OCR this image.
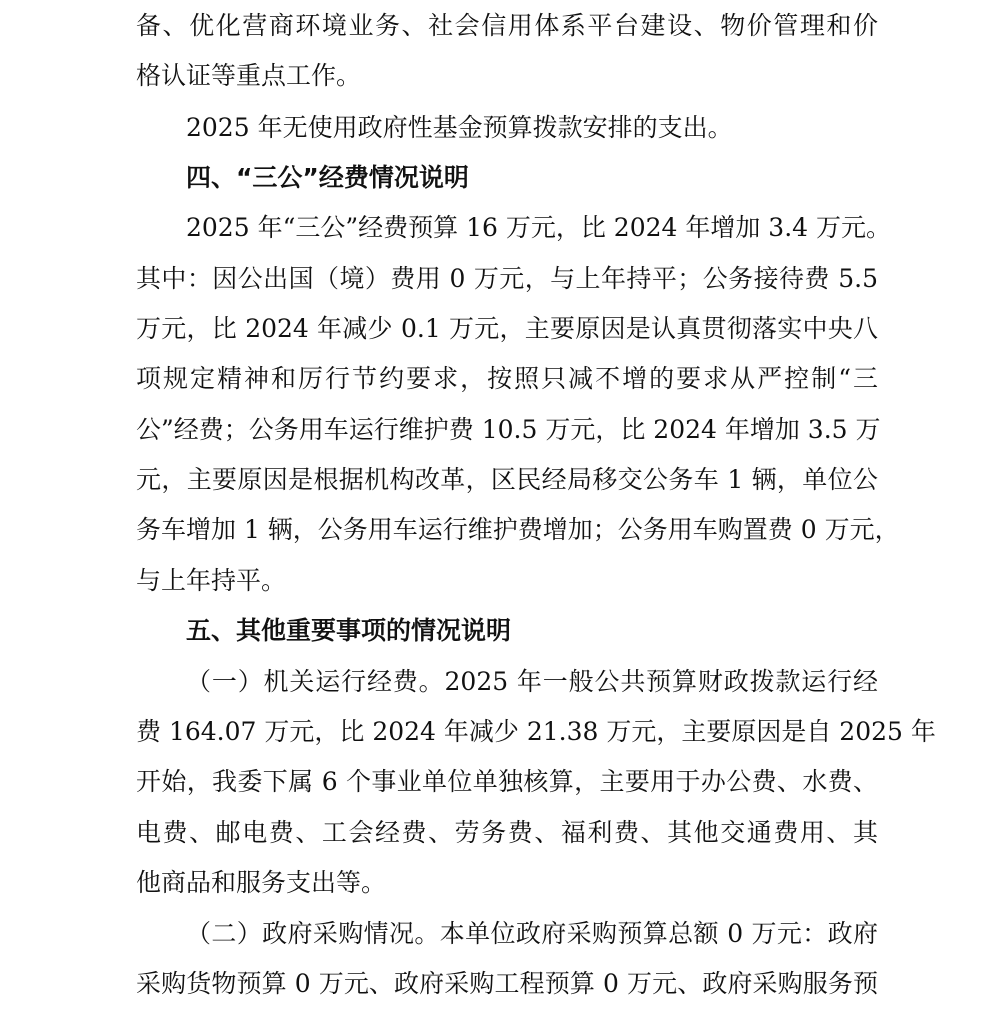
备、优化营商环境业务、社会信用体系平台建设、物价管理和价
格认证等重点工作。
2025 年无使用政府性基金预算拨款安排的支出。
四、“三公”经费情况说明
2025 年“三公”经费预算 16 万元，比 2024 年增加 3.4 万元。
其中：因公出国（境）费用 0 万元，与上年持平；公务接待费 5.5
万元，比 2024 年减少 0.1 万元，主要原因是认真贯彻落实中央八
项规定精神和厉行节约要求，按照只减不增的要求从严控制“三
公”经费；公务用车运行维护费 10.5 万元，比 2024 年增加 3.5 万
元，主要原因是根据机构改革，区民经局移交公务车 1 辆，单位公
务车增加 1 辆，公务用车运行维护费增加；公务用车购置费 0 万元，
与上年持平。
五、其他重要事项的情况说明
（一）机关运行经费。2025 年一般公共预算财政拨款运行经
费 164.07 万元，比 2024 年减少 21.38 万元，主要原因是自 2025 年
开始，我委下属 6 个事业单位单独核算，主要用于办公费、水费、
电费、邮电费、工会经费、劳务费、福利费、其他交通费用、其
他商品和服务支出等。
（二）政府采购情况。本单位政府采购预算总额 0 万元：政府
采购货物预算 0 万元、政府采购工程预算 0 万元、政府采购服务预
